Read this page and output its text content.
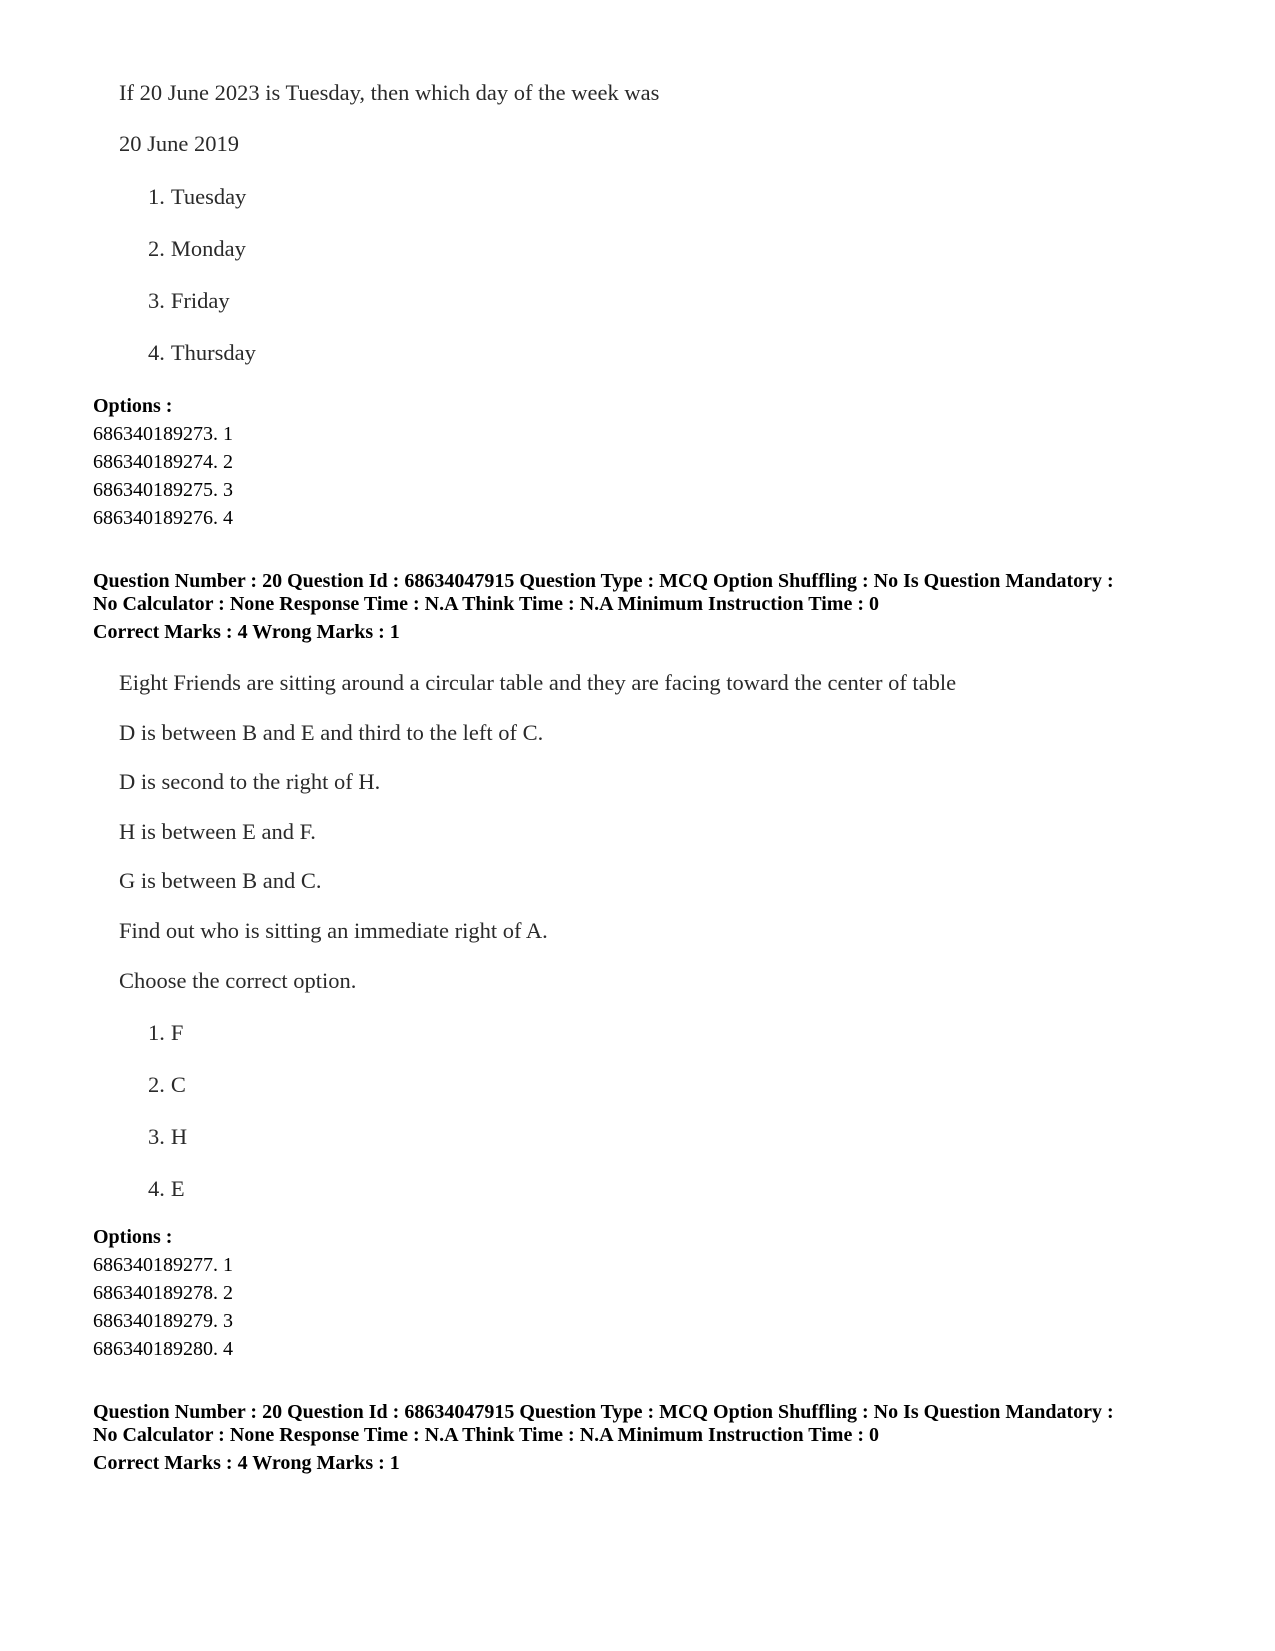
If 20 June 2023 is Tuesday, then which day of the week was
20 June 2019
1. Tuesday
2. Monday
3. Friday
4. Thursday
Options :
686340189273. 1
686340189274. 2
686340189275. 3
686340189276. 4
Question Number : 20 Question Id : 68634047915 Question Type : MCQ Option Shuffling : No Is Question Mandatory :
No Calculator : None Response Time : N.A Think Time : N.A Minimum Instruction Time : 0
Correct Marks : 4 Wrong Marks : 1
Eight Friends are sitting around a circular table and they are facing toward the center of table
D is between B and E and third to the left of C.
D is second to the right of H.
H is between E and F.
G is between B and C.
Find out who is sitting an immediate right of A.
Choose the correct option.
1. F
2. C
3. H
4. E
Options :
686340189277. 1
686340189278. 2
686340189279. 3
686340189280. 4
Question Number : 20 Question Id : 68634047915 Question Type : MCQ Option Shuffling : No Is Question Mandatory :
No Calculator : None Response Time : N.A Think Time : N.A Minimum Instruction Time : 0
Correct Marks : 4 Wrong Marks : 1
